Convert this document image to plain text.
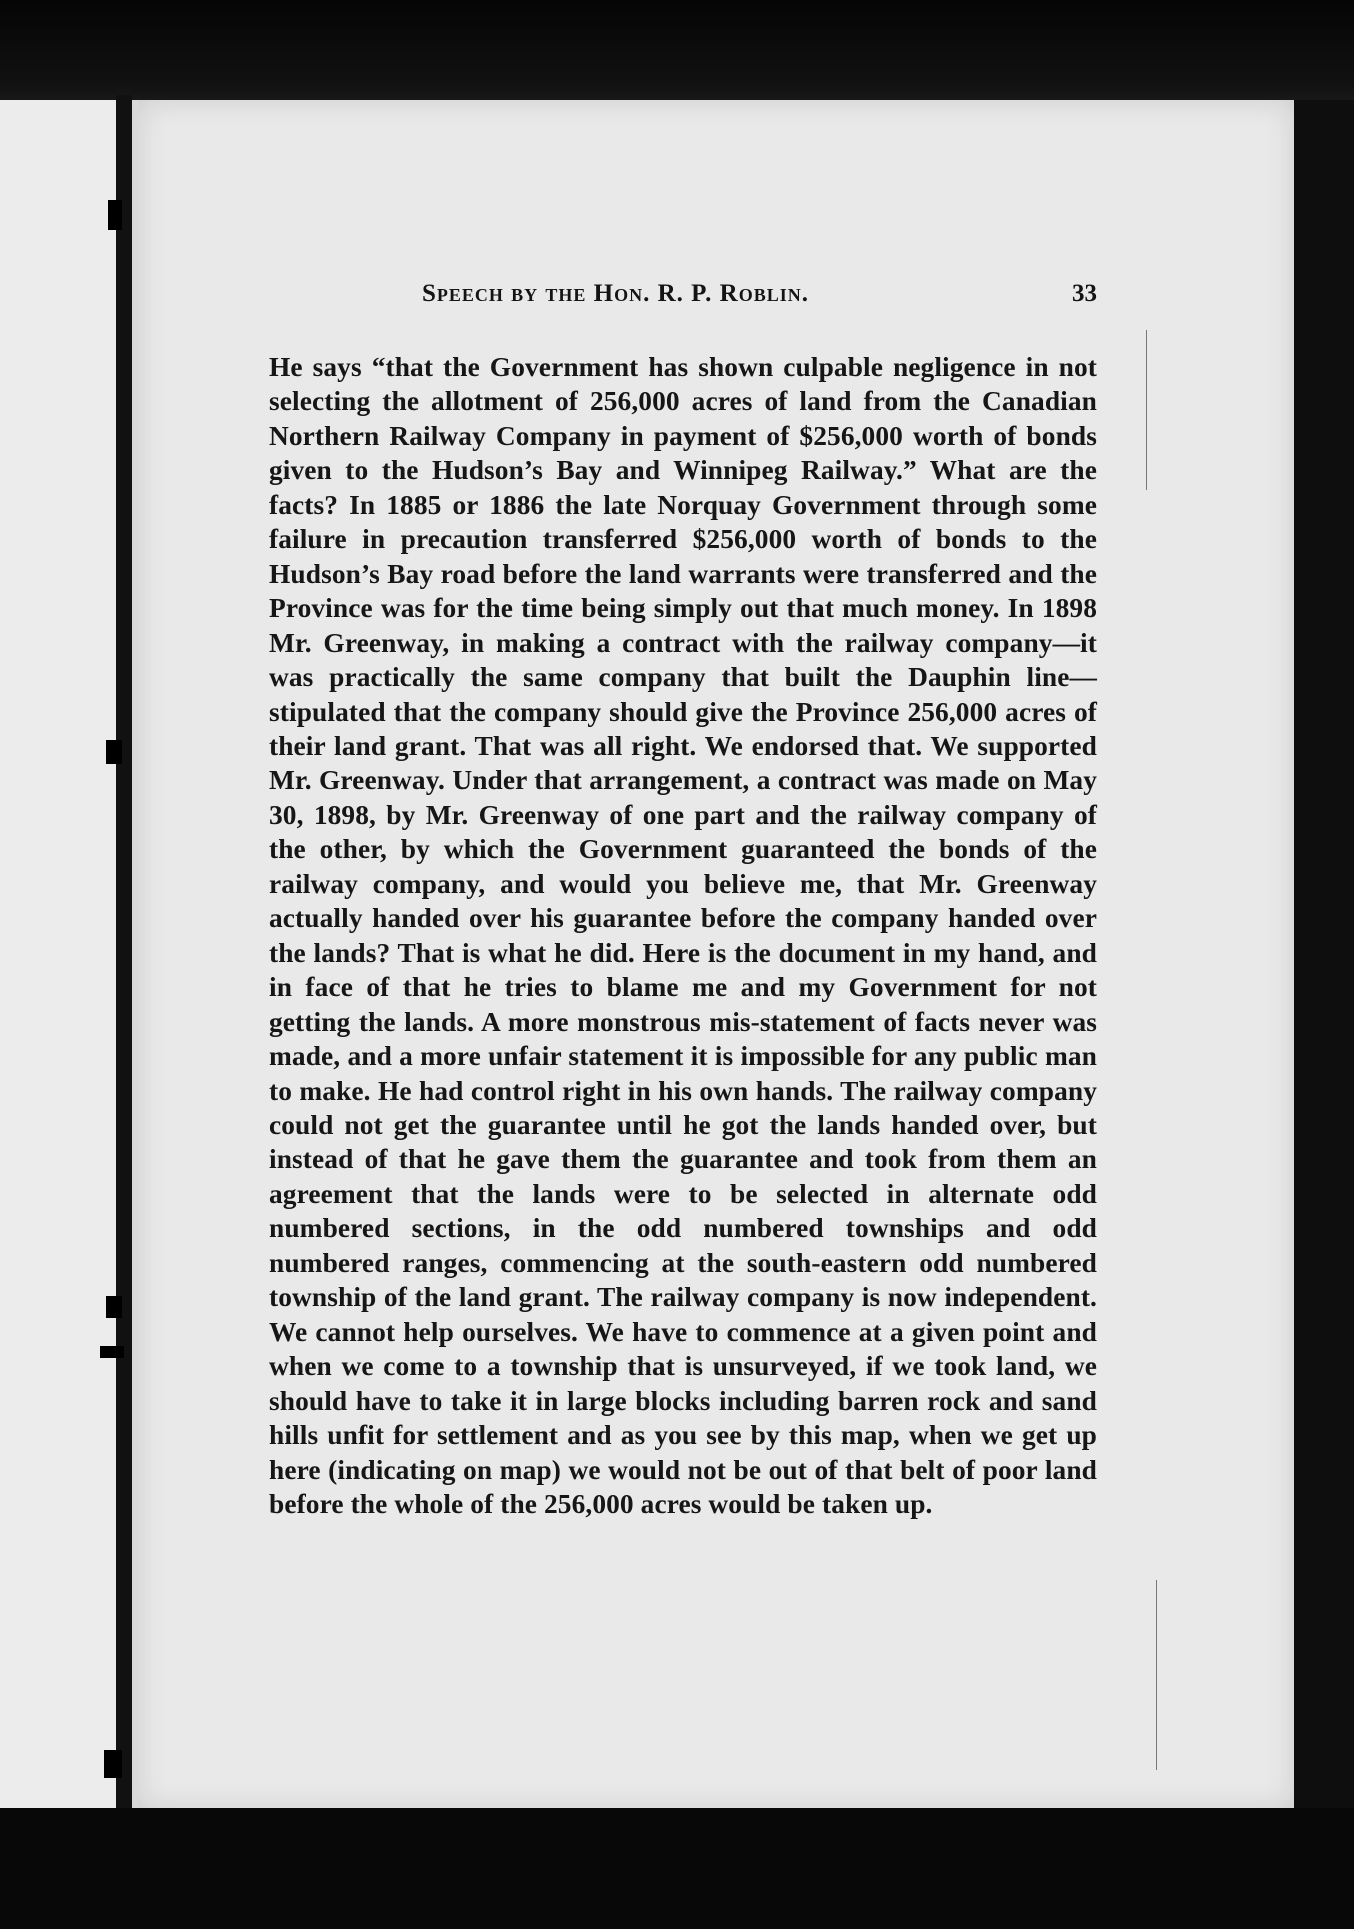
Speech by the Hon. R. P. Roblin.	33

He says “that the Government has shown culpable negligence in not selecting the allotment of 256,000 acres of land from the Canadian Northern Railway Company in payment of $256,000 worth of bonds given to the Hudson’s Bay and Winnipeg Railway.” What are the facts? In 1885 or 1886 the late Norquay Government through some failure in precaution transferred $256,000 worth of bonds to the Hudson’s Bay road before the land warrants were transferred and the Province was for the time being simply out that much money. In 1898 Mr. Greenway, in making a contract with the railway company—it was practically the same company that built the Dauphin line—stipulated that the company should give the Province 256,000 acres of their land grant. That was all right. We endorsed that. We supported Mr. Greenway. Under that arrangement, a contract was made on May 30, 1898, by Mr. Greenway of one part and the railway company of the other, by which the Government guaranteed the bonds of the railway company, and would you believe me, that Mr. Greenway actually handed over his guarantee before the company handed over the lands? That is what he did. Here is the document in my hand, and in face of that he tries to blame me and my Government for not getting the lands. A more monstrous mis-statement of facts never was made, and a more unfair statement it is impossible for any public man to make. He had control right in his own hands. The railway company could not get the guarantee until he got the lands handed over, but instead of that he gave them the guarantee and took from them an agreement that the lands were to be selected in alternate odd numbered sections, in the odd numbered townships and odd numbered ranges, commencing at the south-eastern odd numbered township of the land grant. The railway company is now independent. We cannot help ourselves. We have to commence at a given point and when we come to a township that is unsurveyed, if we took land, we should have to take it in large blocks including barren rock and sand hills unfit for settlement and as you see by this map, when we get up here (indicating on map) we would not be out of that belt of poor land before the whole of the 256,000 acres would be taken up.
